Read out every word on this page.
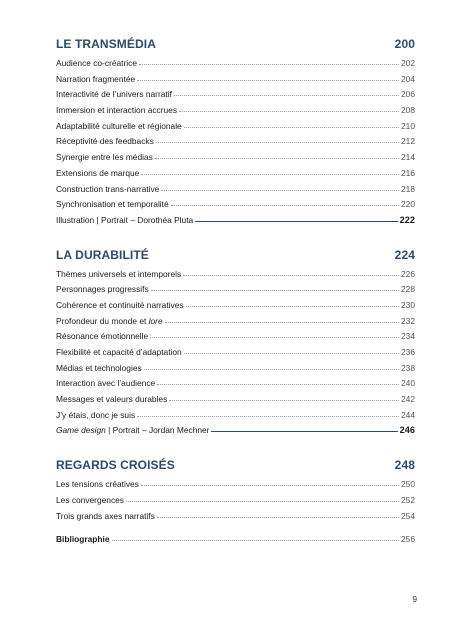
LE TRANSMÉDIA	200
Audience co-créatrice	202
Narration fragmentée	204
Interactivité de l’univers narratif	206
Immersion et interaction accrues	208
Adaptabilité culturelle et régionale	210
Réceptivité des feedbacks	212
Synergie entre les médias	214
Extensions de marque	216
Construction trans-narrative	218
Synchronisation et temporalité	220
Illustration | Portrait – Dorothéa Pluta	222
LA DURABILITÉ	224
Thèmes universels et intemporels	226
Personnages progressifs	228
Cohérence et continuité narratives	230
Profondeur du monde et lore	232
Résonance émotionnelle	234
Flexibilité et capacité d’adaptation	236
Médias et technologies	238
Interaction avec l’audience	240
Messages et valeurs durables	242
J’y étais, donc je suis	244
Game design | Portrait – Jordan Mechner	246
REGARDS CROISÉS	248
Les tensions créatives	250
Les convergences	252
Trois grands axes narratifs	254
Bibliographie	256
9
